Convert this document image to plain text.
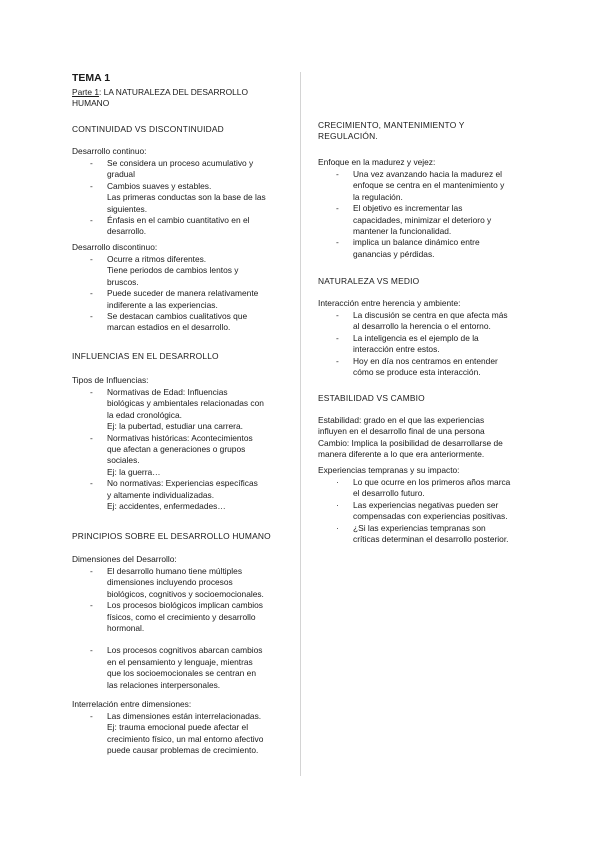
TEMA 1
Parte 1: LA NATURALEZA DEL DESARROLLO
HUMANO
CONTINUIDAD VS DISCONTINUIDAD
Desarrollo continuo:
- Se considera un proceso acumulativo y
gradual
- Cambios suaves y estables.
Las primeras conductas son la base de las
siguientes.
- Énfasis en el cambio cuantitativo en el
desarrollo.
Desarrollo discontinuo:
- Ocurre a ritmos diferentes.
Tiene periodos de cambios lentos y
bruscos.
- Puede suceder de manera relativamente
indiferente a las experiencias.
- Se destacan cambios cualitativos que
marcan estadios en el desarrollo.
INFLUENCIAS EN EL DESARROLLO
Tipos de Influencias:
- Normativas de Edad: Influencias
biológicas y ambientales relacionadas con
la edad cronológica.
Ej: la pubertad, estudiar una carrera.
- Normativas históricas: Acontecimientos
que afectan a generaciones o grupos
sociales.
Ej: la guerra…
- No normativas: Experiencias específicas
y altamente individualizadas.
Ej: accidentes, enfermedades…
PRINCIPIOS SOBRE EL DESARROLLO HUMANO
Dimensiones del Desarrollo:
- El desarrollo humano tiene múltiples
dimensiones incluyendo procesos
biológicos, cognitivos y socioemocionales.
- Los procesos biológicos implican cambios
físicos, como el crecimiento y desarrollo
hormonal.
- Los procesos cognitivos abarcan cambios
en el pensamiento y lenguaje, mientras
que los socioemocionales se centran en
las relaciones interpersonales.
Interrelación entre dimensiones:
- Las dimensiones están interrelacionadas.
Ej: trauma emocional puede afectar el
crecimiento físico, un mal entorno afectivo
puede causar problemas de crecimiento.
CRECIMIENTO, MANTENIMIENTO Y
REGULACIÓN.
Enfoque en la madurez y vejez:
- Una vez avanzando hacia la madurez el
enfoque se centra en el mantenimiento y
la regulación.
- El objetivo es incrementar las
capacidades, minimizar el deterioro y
mantener la funcionalidad.
- implica un balance dinámico entre
ganancias y pérdidas.
NATURALEZA VS MEDIO
Interacción entre herencia y ambiente:
- La discusión se centra en que afecta más
al desarrollo la herencia o el entorno.
- La inteligencia es el ejemplo de la
interacción entre estos.
- Hoy en día nos centramos en entender
cómo se produce esta interacción.
ESTABILIDAD VS CAMBIO
Estabilidad: grado en el que las experiencias
influyen en el desarrollo final de una persona
Cambio: Implica la posibilidad de desarrollarse de
manera diferente a lo que era anteriormente.
Experiencias tempranas y su impacto:
· Lo que ocurre en los primeros años marca
el desarrollo futuro.
· Las experiencias negativas pueden ser
compensadas con experiencias positivas.
· ¿Si las experiencias tempranas son
críticas determinan el desarrollo posterior.
